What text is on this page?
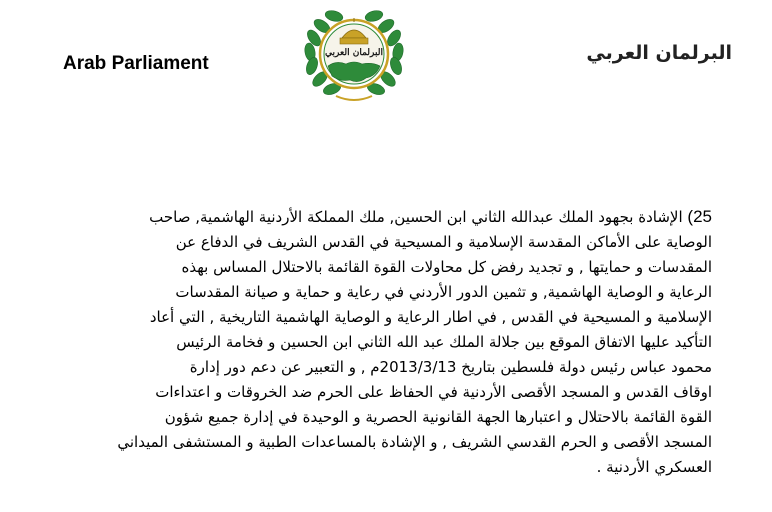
Arab Parliament	البرلمان العربي	البرلمان العربي
25) الإشادة بجهود الملك عبدالله الثاني ابن الحسين, ملك المملكة الأردنية الهاشمية, صاحب
الوصاية على الأماكن المقدسة الإسلامية و المسيحية في القدس الشريف في الدفاع عن
المقدسات و حمايتها , و تجديد رفض كل محاولات القوة القائمة بالاحتلال المساس بهذه
الرعاية و الوصاية الهاشمية, و تثمين الدور الأردني في رعاية و حماية و صيانة المقدسات
الإسلامية و المسيحية في القدس , في اطار الرعاية و الوصاية الهاشمية التاريخية , التي أعاد
التأكيد عليها الاتفاق الموقع بين جلالة الملك عبد الله الثاني ابن الحسين و فخامة الرئيس
محمود عباس رئيس دولة فلسطين بتاريخ 2013/3/13م , و التعبير عن دعم دور إدارة
اوقاف القدس و المسجد الأقصى الأردنية في الحفاظ على الحرم ضد الخروقات و اعتداءات
القوة القائمة بالاحتلال و اعتبارها الجهة القانونية الحصرية و الوحيدة في إدارة جميع شؤون
المسجد الأقصى و الحرم القدسي الشريف , و الإشادة بالمساعدات الطبية و المستشفى الميداني
العسكري الأردنية .
